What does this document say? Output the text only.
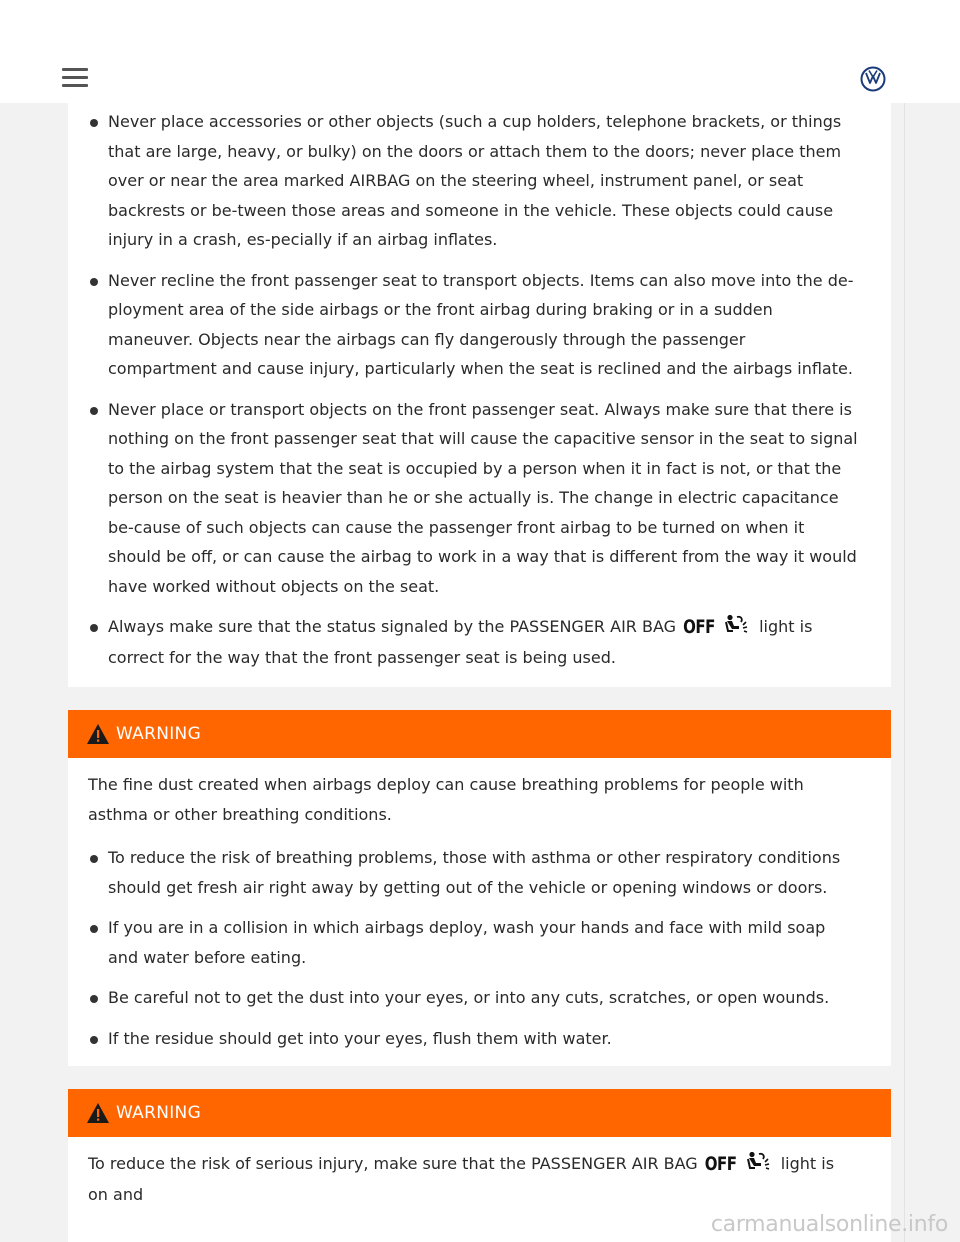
Never place accessories or other objects (such a cup holders, telephone brackets, or things that are large, heavy, or bulky) on the doors or attach them to the doors; never place them over or near the area marked AIRBAG on the steering wheel, instrument panel, or seat backrests or be-tween those areas and someone in the vehicle. These objects could cause injury in a crash, es-pecially if an airbag inflates.
Never recline the front passenger seat to transport objects. Items can also move into the de-ployment area of the side airbags or the front airbag during braking or in a sudden maneuver. Objects near the airbags can fly dangerously through the passenger compartment and cause injury, particularly when the seat is reclined and the airbags inflate.
Never place or transport objects on the front passenger seat. Always make sure that there is nothing on the front passenger seat that will cause the capacitive sensor in the seat to signal to the airbag system that the seat is occupied by a person when it in fact is not, or that the person on the seat is heavier than he or she actually is. The change in electric capacitance be-cause of such objects can cause the passenger front airbag to be turned on when it should be off, or can cause the airbag to work in a way that is different from the way it would have worked without objects on the seat.
Always make sure that the status signaled by the PASSENGER AIR BAG OFF	light is correct for the way that the front passenger seat is being used.
WARNING

The fine dust created when airbags deploy can cause breathing problems for people with asthma or other breathing conditions.

To reduce the risk of breathing problems, those with asthma or other respiratory conditions should get fresh air right away by getting out of the vehicle or opening windows or doors.
If you are in a collision in which airbags deploy, wash your hands and face with mild soap and water before eating.
Be careful not to get the dust into your eyes, or into any cuts, scratches, or open wounds.
If the residue should get into your eyes, flush them with water.
WARNING

To reduce the risk of serious injury, make sure that the PASSENGER AIR BAG OFF	light is on and

carmanualsonline.info
